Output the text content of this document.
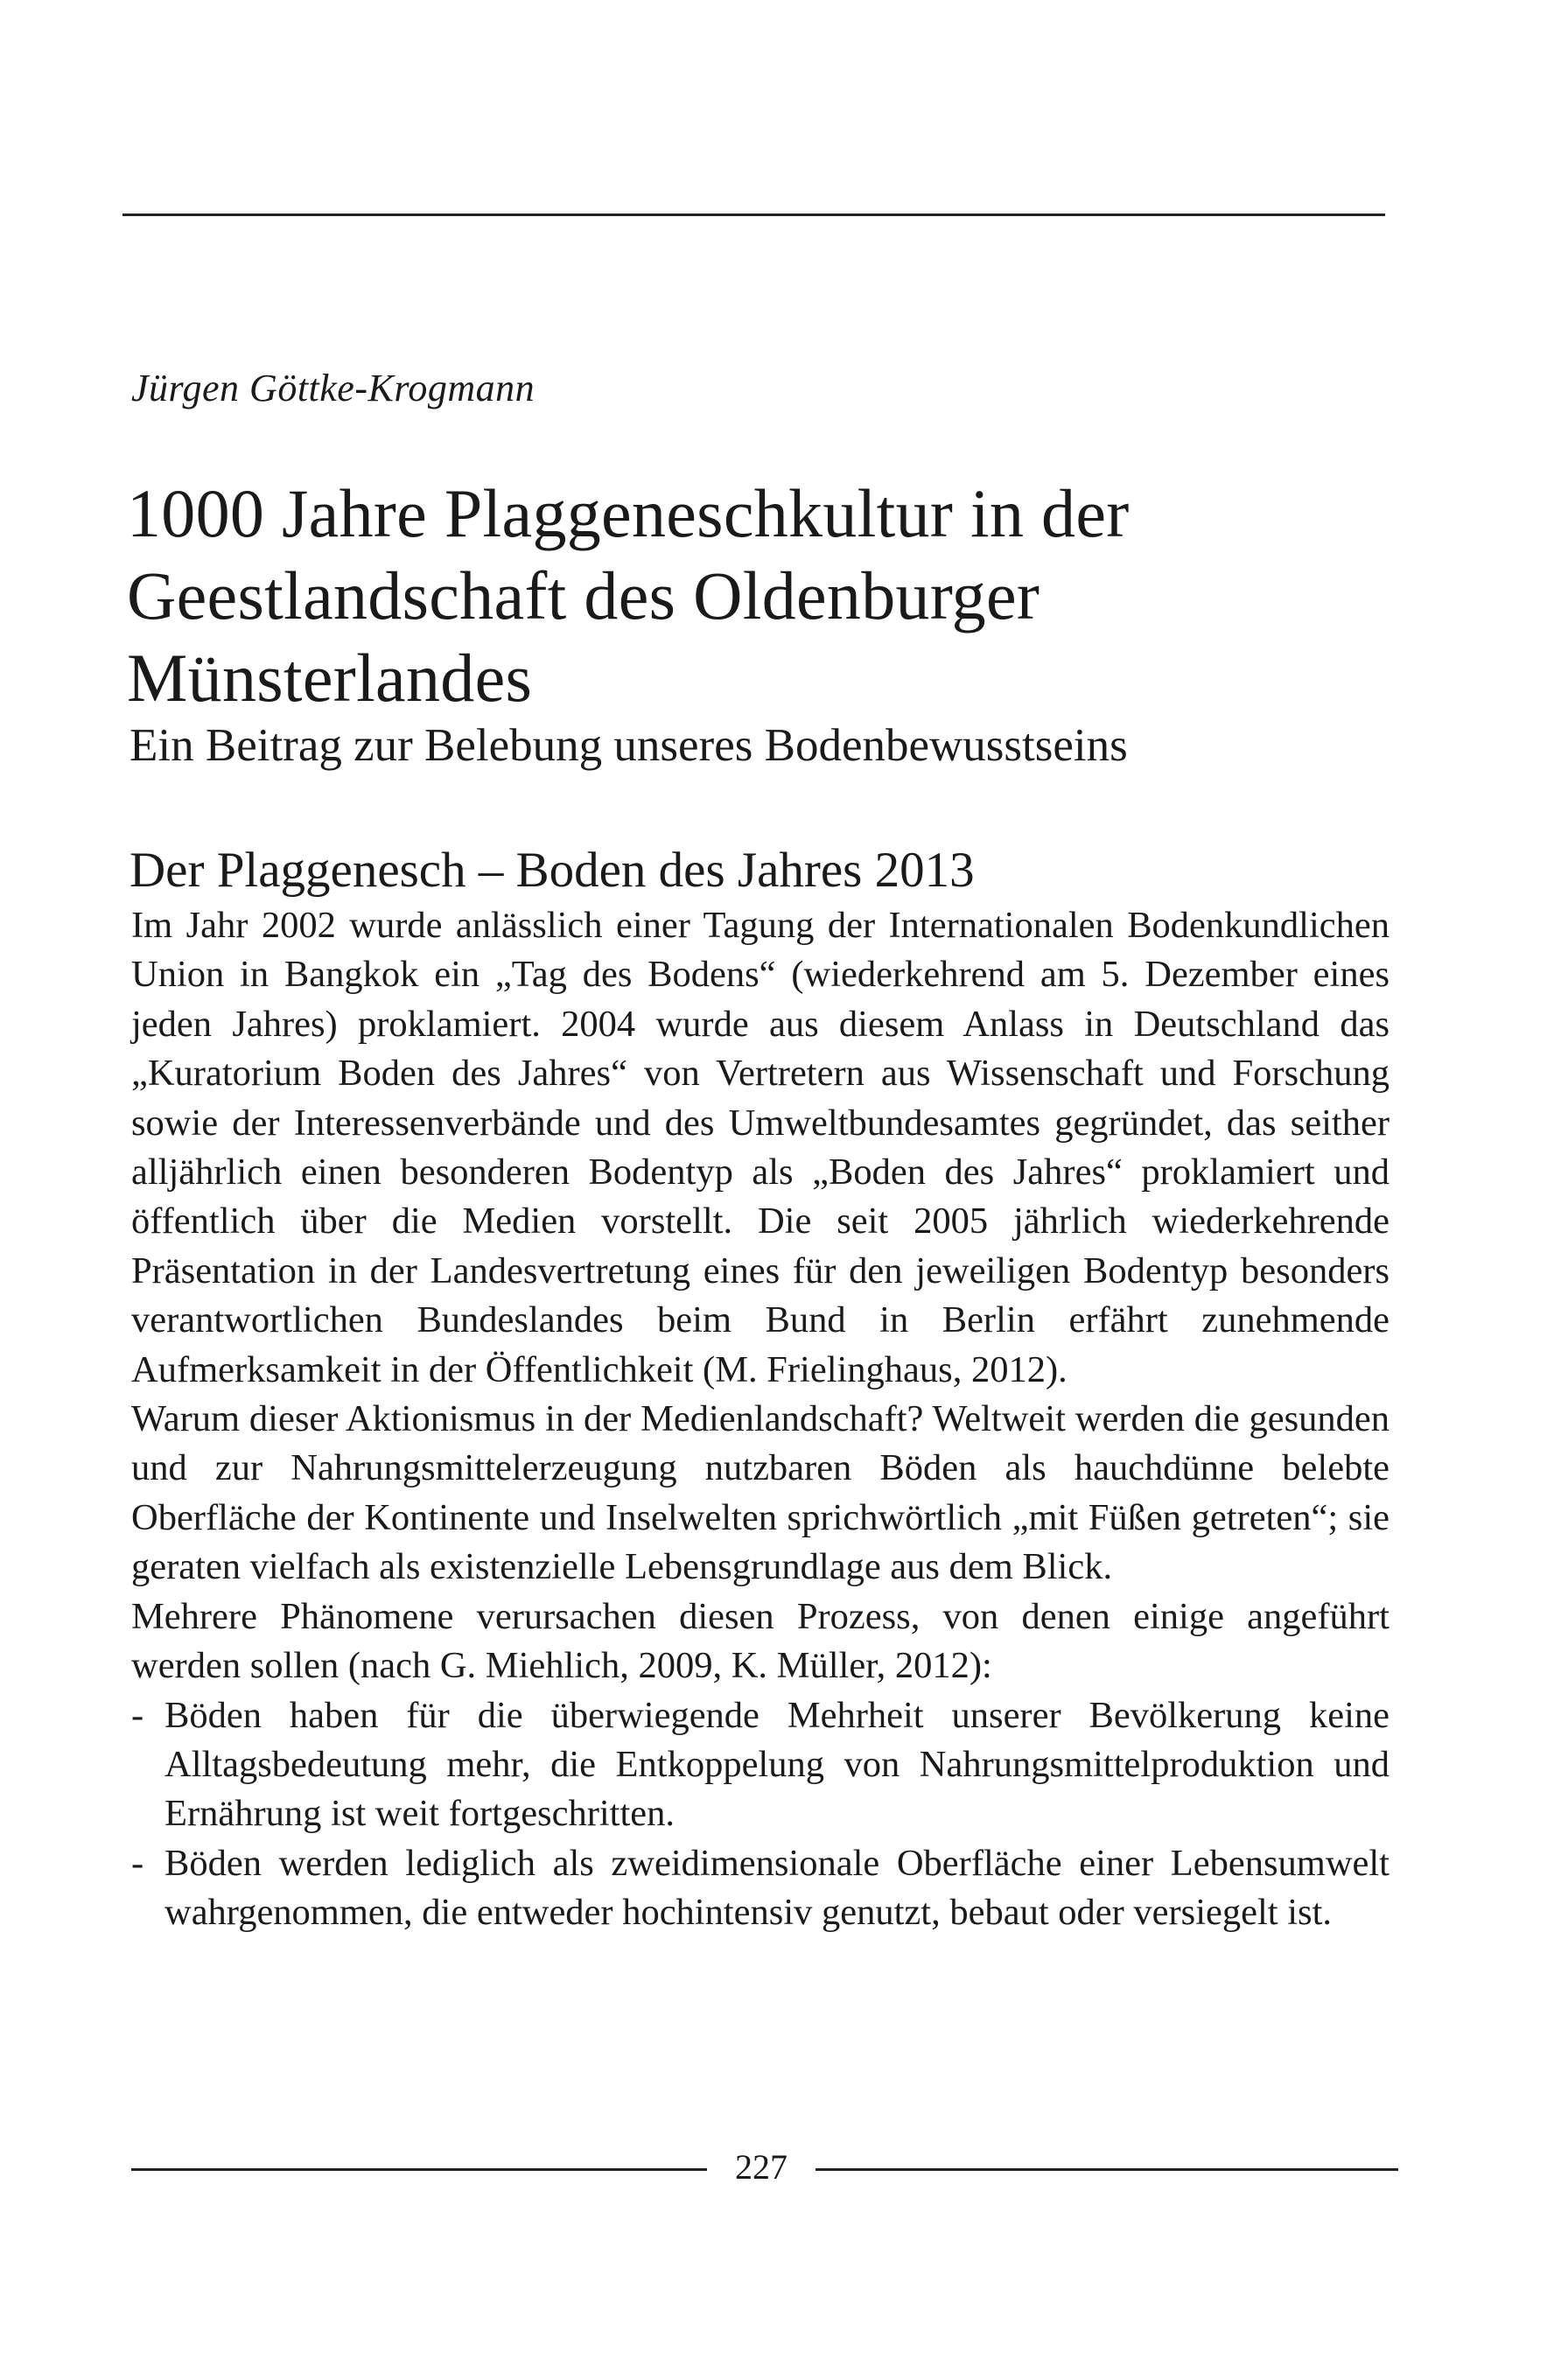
Jürgen Göttke-Krogmann
1000 Jahre Plaggeneschkultur in der
Geestlandschaft des Oldenburger
Münsterlandes
Ein Beitrag zur Belebung unseres Bodenbewusstseins
Der Plaggenesch – Boden des Jahres 2013

Im Jahr 2002 wurde anlässlich einer Tagung der Internationalen Bodenkundlichen Union in Bangkok ein „Tag des Bodens“ (wiederkehrend am 5. Dezember eines jeden Jahres) proklamiert. 2004 wurde aus diesem Anlass in Deutschland das „Kuratorium Boden des Jahres“ von Vertretern aus Wissenschaft und Forschung sowie der Interessenverbände und des Umweltbundesamtes gegründet, das seither alljährlich einen besonderen Bodentyp als „Boden des Jahres“ proklamiert und öffentlich über die Medien vorstellt. Die seit 2005 jährlich wiederkehrende Präsentation in der Landesvertretung eines für den jeweiligen Bodentyp besonders verantwortlichen Bundeslandes beim Bund in Berlin erfährt zunehmende Aufmerksamkeit in der Öffentlichkeit (M. Frielinghaus, 2012).

Warum dieser Aktionismus in der Medienlandschaft? Weltweit werden die gesunden und zur Nahrungsmittelerzeugung nutzbaren Böden als hauchdünne belebte Oberfläche der Kontinente und Inselwelten sprichwörtlich „mit Füßen getreten“; sie geraten vielfach als existenzielle Lebensgrundlage aus dem Blick.

Mehrere Phänomene verursachen diesen Prozess, von denen einige angeführt werden sollen (nach G. Miehlich, 2009, K. Müller, 2012):

- Böden haben für die überwiegende Mehrheit unserer Bevölkerung keine Alltagsbedeutung mehr, die Entkoppelung von Nahrungsmittelproduktion und Ernährung ist weit fortgeschritten.
- Böden werden lediglich als zweidimensionale Oberfläche einer Lebensumwelt wahrgenommen, die entweder hochintensiv genutzt, bebaut oder versiegelt ist.
227
